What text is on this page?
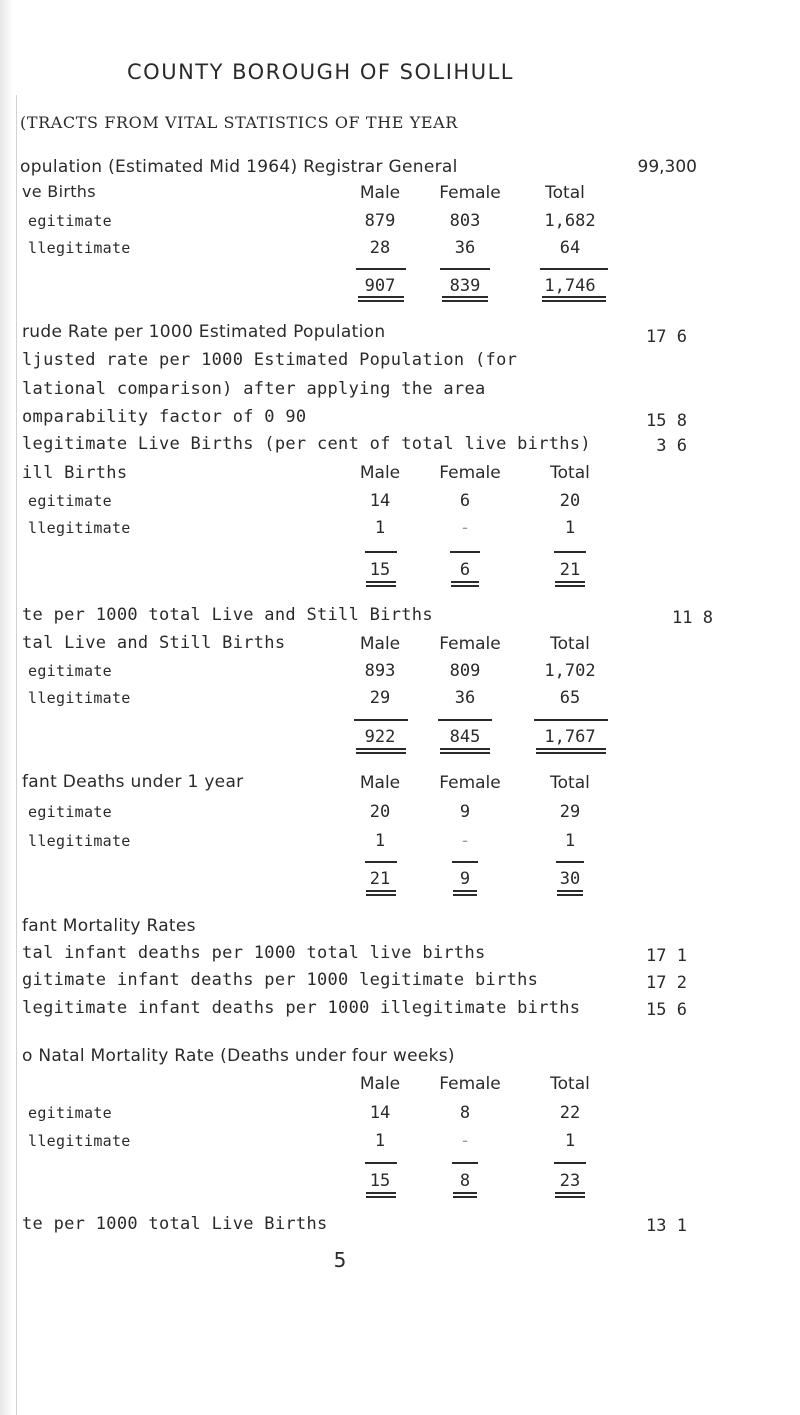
COUNTY BOROUGH OF SOLIHULL
(TRACTS FROM VITAL STATISTICS OF THE YEAR
opulation (Estimated Mid 1964) Registrar General	99,300
ve Births	Male	Female	Total
egitimate	879	803	1,682
llegitimate	28	36	64
907	839	1,746
rude Rate per 1000 Estimated Population	17 6
ljusted rate per 1000 Estimated Population (for
lational comparison) after applying the area
omparability factor of 0 90	15 8
legitimate Live Births (per cent of total live births)	3 6
ill Births	Male	Female	Total
egitimate	14	6	20
llegitimate	1	-	1
15	6	21
te per 1000 total Live and Still Births	11 8
tal Live and Still Births	Male	Female	Total
egitimate	893	809	1,702
llegitimate	29	36	65
922	845	1,767
fant Deaths under 1 year	Male	Female	Total
egitimate	20	9	29
llegitimate	1	-	1
21	9	30
fant Mortality Rates
tal infant deaths per 1000 total live births	17 1
gitimate infant deaths per 1000 legitimate births	17 2
legitimate infant deaths per 1000 illegitimate births	15 6
o Natal Mortality Rate (Deaths under four weeks)
Male	Female	Total
egitimate	14	8	22
llegitimate	1	-	1
15	8	23
te per 1000 total Live Births	13 1
5
